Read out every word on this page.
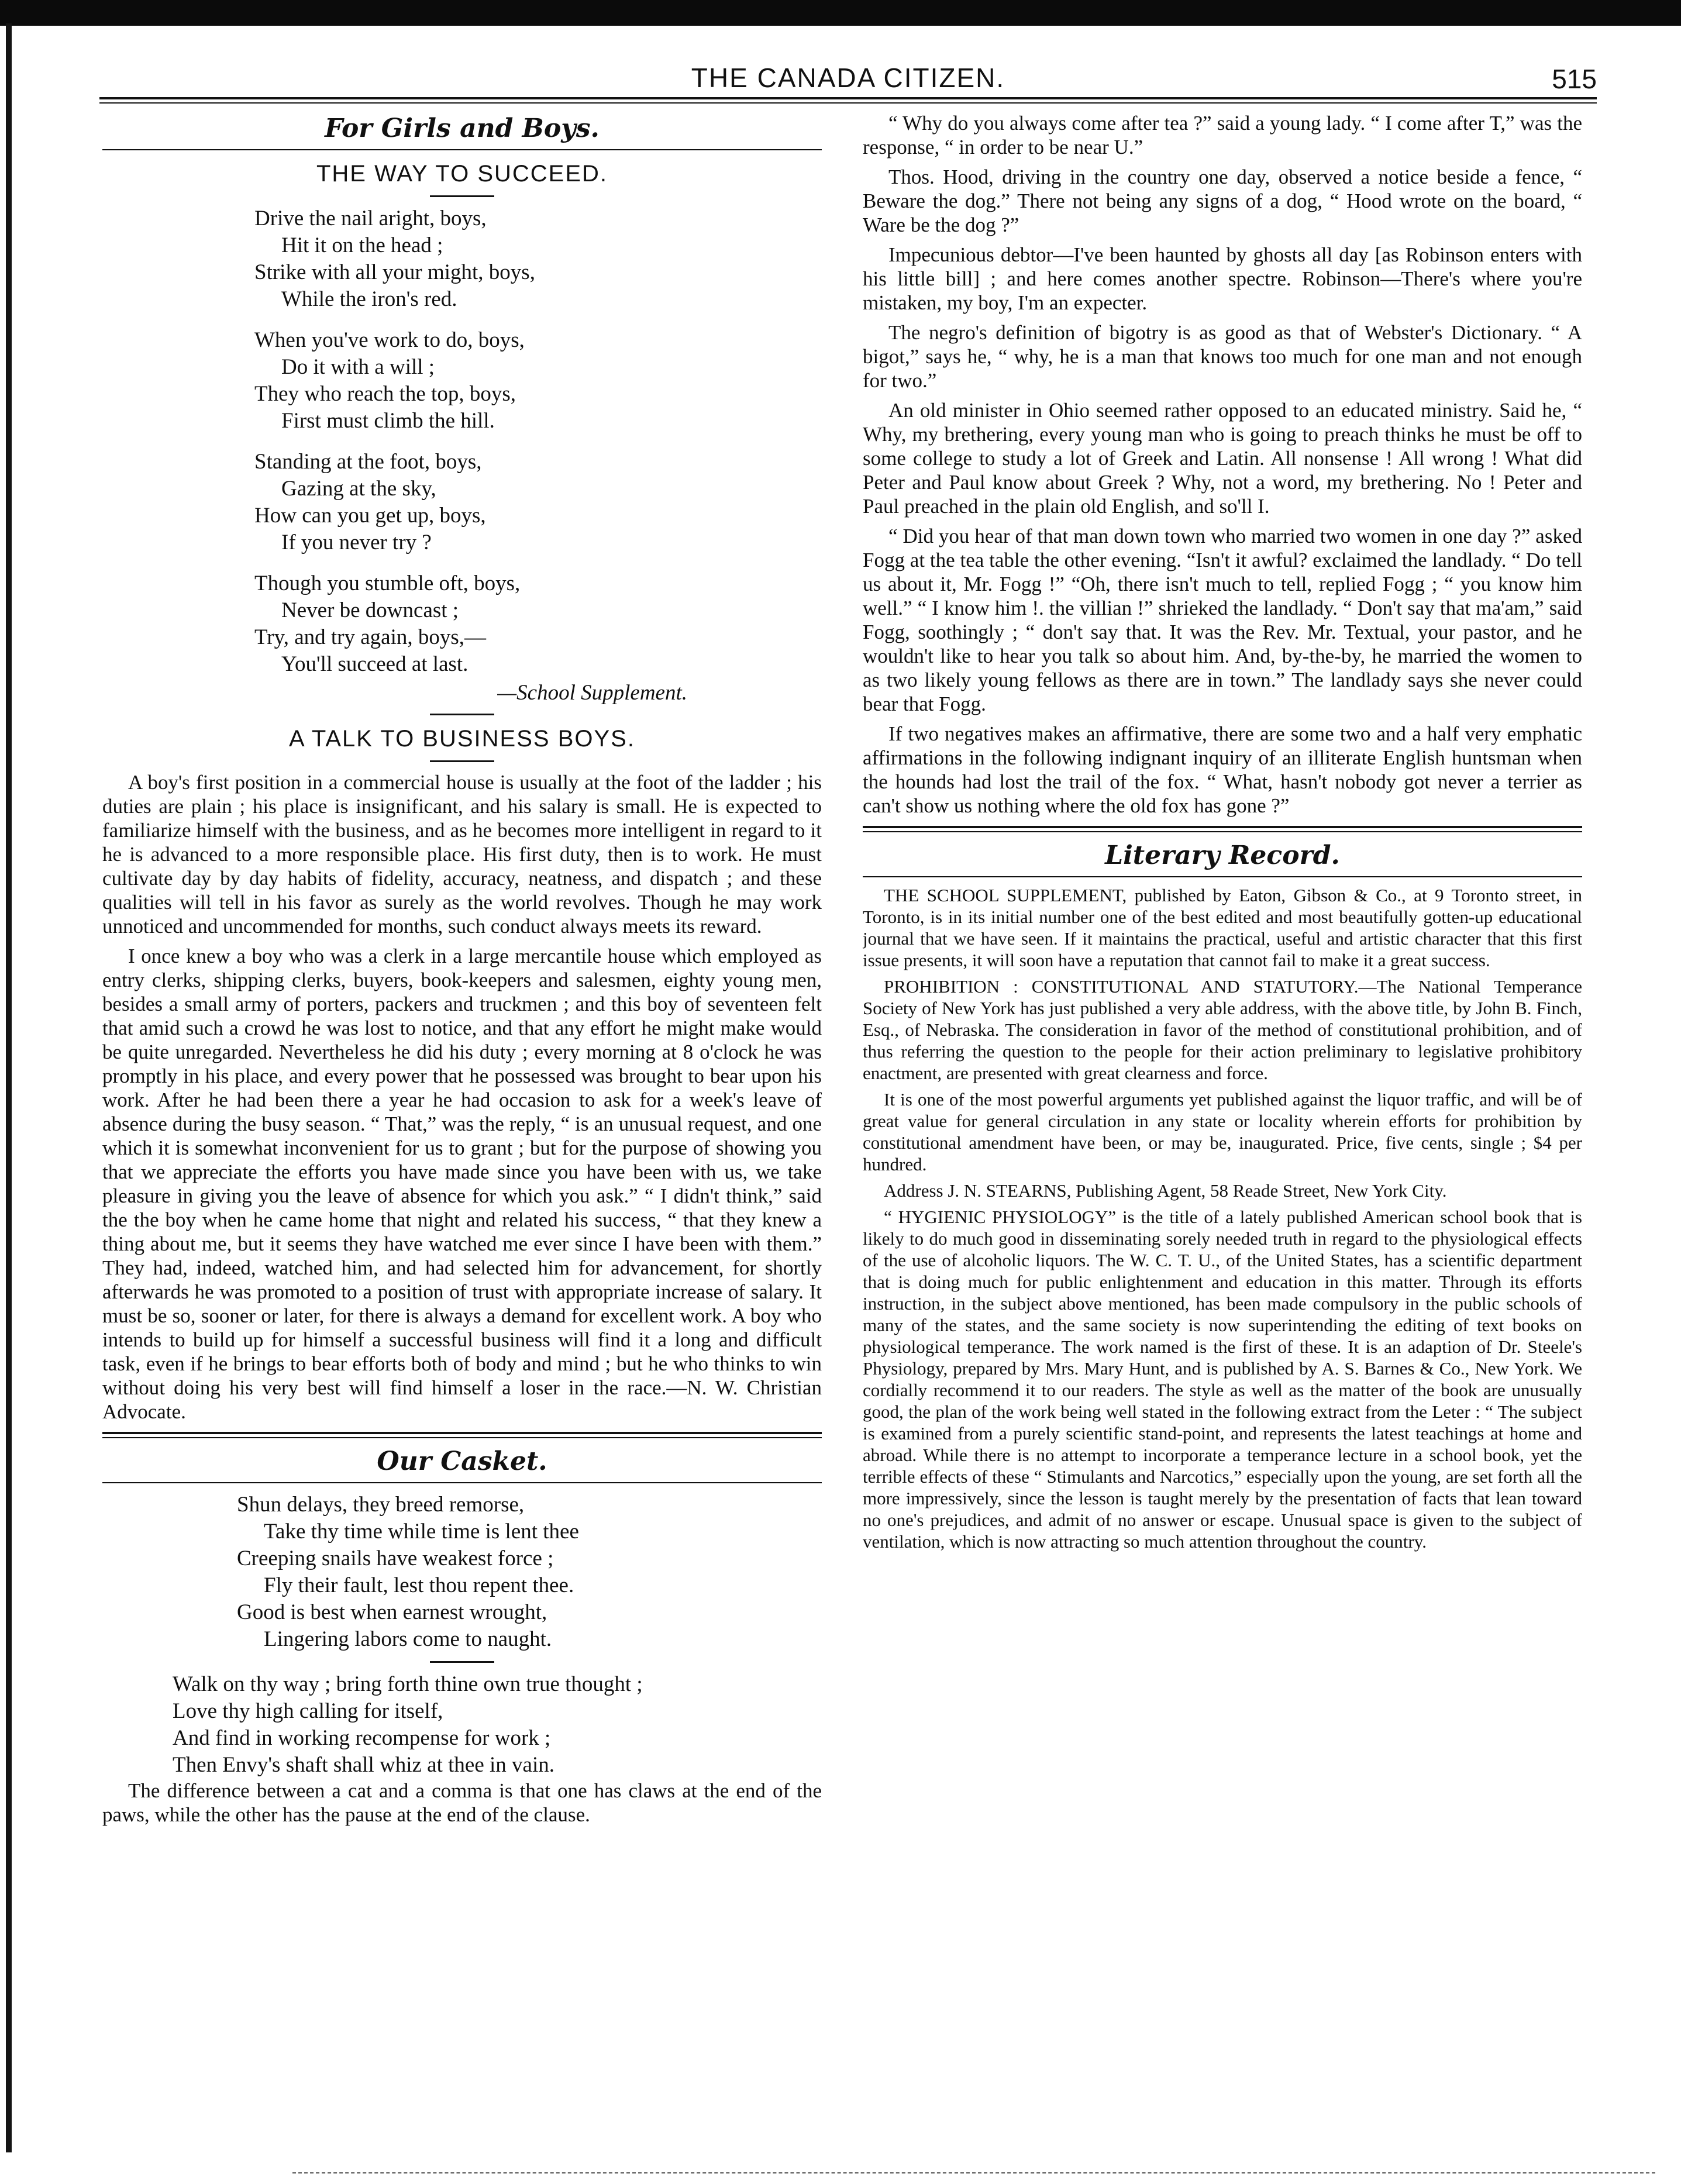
THE CANADA CITIZEN.	515
For Girls and Boys.
THE WAY TO SUCCEED.
Drive the nail aright, boys,
Hit it on the head ;
Strike with all your might, boys,
While the iron's red.
When you've work to do, boys,
Do it with a will ;
They who reach the top, boys,
First must climb the hill.
Standing at the foot, boys,
Gazing at the sky,
How can you get up, boys,
If you never try ?
Though you stumble oft, boys,
Never be downcast ;
Try, and try again, boys,—
You'll succeed at last.
—School Supplement.
A TALK TO BUSINESS BOYS.

A boy's first position in a commercial house is usually at the foot of the ladder ; his duties are plain ; his place is insignificant, and his salary is small. He is expected to familiarize himself with the business, and as he becomes more intelligent in regard to it he is advanced to a more responsible place. His first duty, then is to work. He must cultivate day by day habits of fidelity, accuracy, neatness, and dispatch ; and these qualities will tell in his favor as surely as the world revolves. Though he may work unnoticed and uncommended for months, such conduct always meets its reward.

I once knew a boy who was a clerk in a large mercantile house which employed as entry clerks, shipping clerks, buyers, book-keepers and salesmen, eighty young men, besides a small army of porters, packers and truckmen ; and this boy of seventeen felt that amid such a crowd he was lost to notice, and that any effort he might make would be quite unregarded. Nevertheless he did his duty ; every morning at 8 o'clock he was promptly in his place, and every power that he possessed was brought to bear upon his work. After he had been there a year he had occasion to ask for a week's leave of absence during the busy season. “ That,” was the reply, “ is an unusual request, and one which it is somewhat inconvenient for us to grant ; but for the purpose of showing you that we appreciate the efforts you have made since you have been with us, we take pleasure in giving you the leave of absence for which you ask.” “ I didn't think,” said the the boy when he came home that night and related his success, “ that they knew a thing about me, but it seems they have watched me ever since I have been with them.” They had, indeed, watched him, and had selected him for advancement, for shortly afterwards he was promoted to a position of trust with appropriate increase of salary. It must be so, sooner or later, for there is always a demand for excellent work. A boy who intends to build up for himself a successful business will find it a long and difficult task, even if he brings to bear efforts both of body and mind ; but he who thinks to win without doing his very best will find himself a loser in the race.—N. W. Christian Advocate.

Our Casket.
Shun delays, they breed remorse,
Take thy time while time is lent thee
Creeping snails have weakest force ;
Fly their fault, lest thou repent thee.
Good is best when earnest wrought,
Lingering labors come to naught.
Walk on thy way ; bring forth thine own true thought ;
Love thy high calling for itself,
And find in working recompense for work ;
Then Envy's shaft shall whiz at thee in vain.

The difference between a cat and a comma is that one has claws at the end of the paws, while the other has the pause at the end of the clause.

“ Why do you always come after tea ?” said a young lady. “ I come after T,” was the response, “ in order to be near U.”

Thos. Hood, driving in the country one day, observed a notice beside a fence, “ Beware the dog.” There not being any signs of a dog, “ Hood wrote on the board, “ Ware be the dog ?”

Impecunious debtor—I've been haunted by ghosts all day [as Robinson enters with his little bill] ; and here comes another spectre. Robinson—There's where you're mistaken, my boy, I'm an expecter.

The negro's definition of bigotry is as good as that of Webster's Dictionary. “ A bigot,” says he, “ why, he is a man that knows too much for one man and not enough for two.”

An old minister in Ohio seemed rather opposed to an educated ministry. Said he, “ Why, my brethering, every young man who is going to preach thinks he must be off to some college to study a lot of Greek and Latin. All nonsense ! All wrong ! What did Peter and Paul know about Greek ? Why, not a word, my brethering. No ! Peter and Paul preached in the plain old English, and so'll I.

“ Did you hear of that man down town who married two women in one day ?” asked Fogg at the tea table the other evening. “Isn't it awful? exclaimed the landlady. “ Do tell us about it, Mr. Fogg !” “Oh, there isn't much to tell, replied Fogg ; “ you know him well.” “ I know him !. the villian !” shrieked the landlady. “ Don't say that ma'am,” said Fogg, soothingly ; “ don't say that. It was the Rev. Mr. Textual, your pastor, and he wouldn't like to hear you talk so about him. And, by-the-by, he married the women to as two likely young fellows as there are in town.” The landlady says she never could bear that Fogg.

If two negatives makes an affirmative, there are some two and a half very emphatic affirmations in the following indignant inquiry of an illiterate English huntsman when the hounds had lost the trail of the fox. “ What, hasn't nobody got never a terrier as can't show us nothing where the old fox has gone ?”

Literary Record.

THE SCHOOL SUPPLEMENT, published by Eaton, Gibson & Co., at 9 Toronto street, in Toronto, is in its initial number one of the best edited and most beautifully gotten-up educational journal that we have seen. If it maintains the practical, useful and artistic character that this first issue presents, it will soon have a reputation that cannot fail to make it a great success.

PROHIBITION : CONSTITUTIONAL AND STATUTORY.—The National Temperance Society of New York has just published a very able address, with the above title, by John B. Finch, Esq., of Nebraska. The consideration in favor of the method of constitutional prohibition, and of thus referring the question to the people for their action preliminary to legislative prohibitory enactment, are presented with great clearness and force.

It is one of the most powerful arguments yet published against the liquor traffic, and will be of great value for general circulation in any state or locality wherein efforts for prohibition by constitutional amendment have been, or may be, inaugurated. Price, five cents, single ; $4 per hundred.

Address J. N. STEARNS, Publishing Agent, 58 Reade Street, New York City.

“ HYGIENIC PHYSIOLOGY” is the title of a lately published American school book that is likely to do much good in disseminating sorely needed truth in regard to the physiological effects of the use of alcoholic liquors. The W. C. T. U., of the United States, has a scientific department that is doing much for public enlightenment and education in this matter. Through its efforts instruction, in the subject above mentioned, has been made compulsory in the public schools of many of the states, and the same society is now superintending the editing of text books on physiological temperance. The work named is the first of these. It is an adaption of Dr. Steele's Physiology, prepared by Mrs. Mary Hunt, and is published by A. S. Barnes & Co., New York. We cordially recommend it to our readers. The style as well as the matter of the book are unusually good, the plan of the work being well stated in the following extract from the Leter : “ The subject is examined from a purely scientific stand-point, and represents the latest teachings at home and abroad. While there is no attempt to incorporate a temperance lecture in a school book, yet the terrible effects of these “ Stimulants and Narcotics,” especially upon the young, are set forth all the more impressively, since the lesson is taught merely by the presentation of facts that lean toward no one's prejudices, and admit of no answer or escape. Unusual space is given to the subject of ventilation, which is now attracting so much attention throughout the country.
